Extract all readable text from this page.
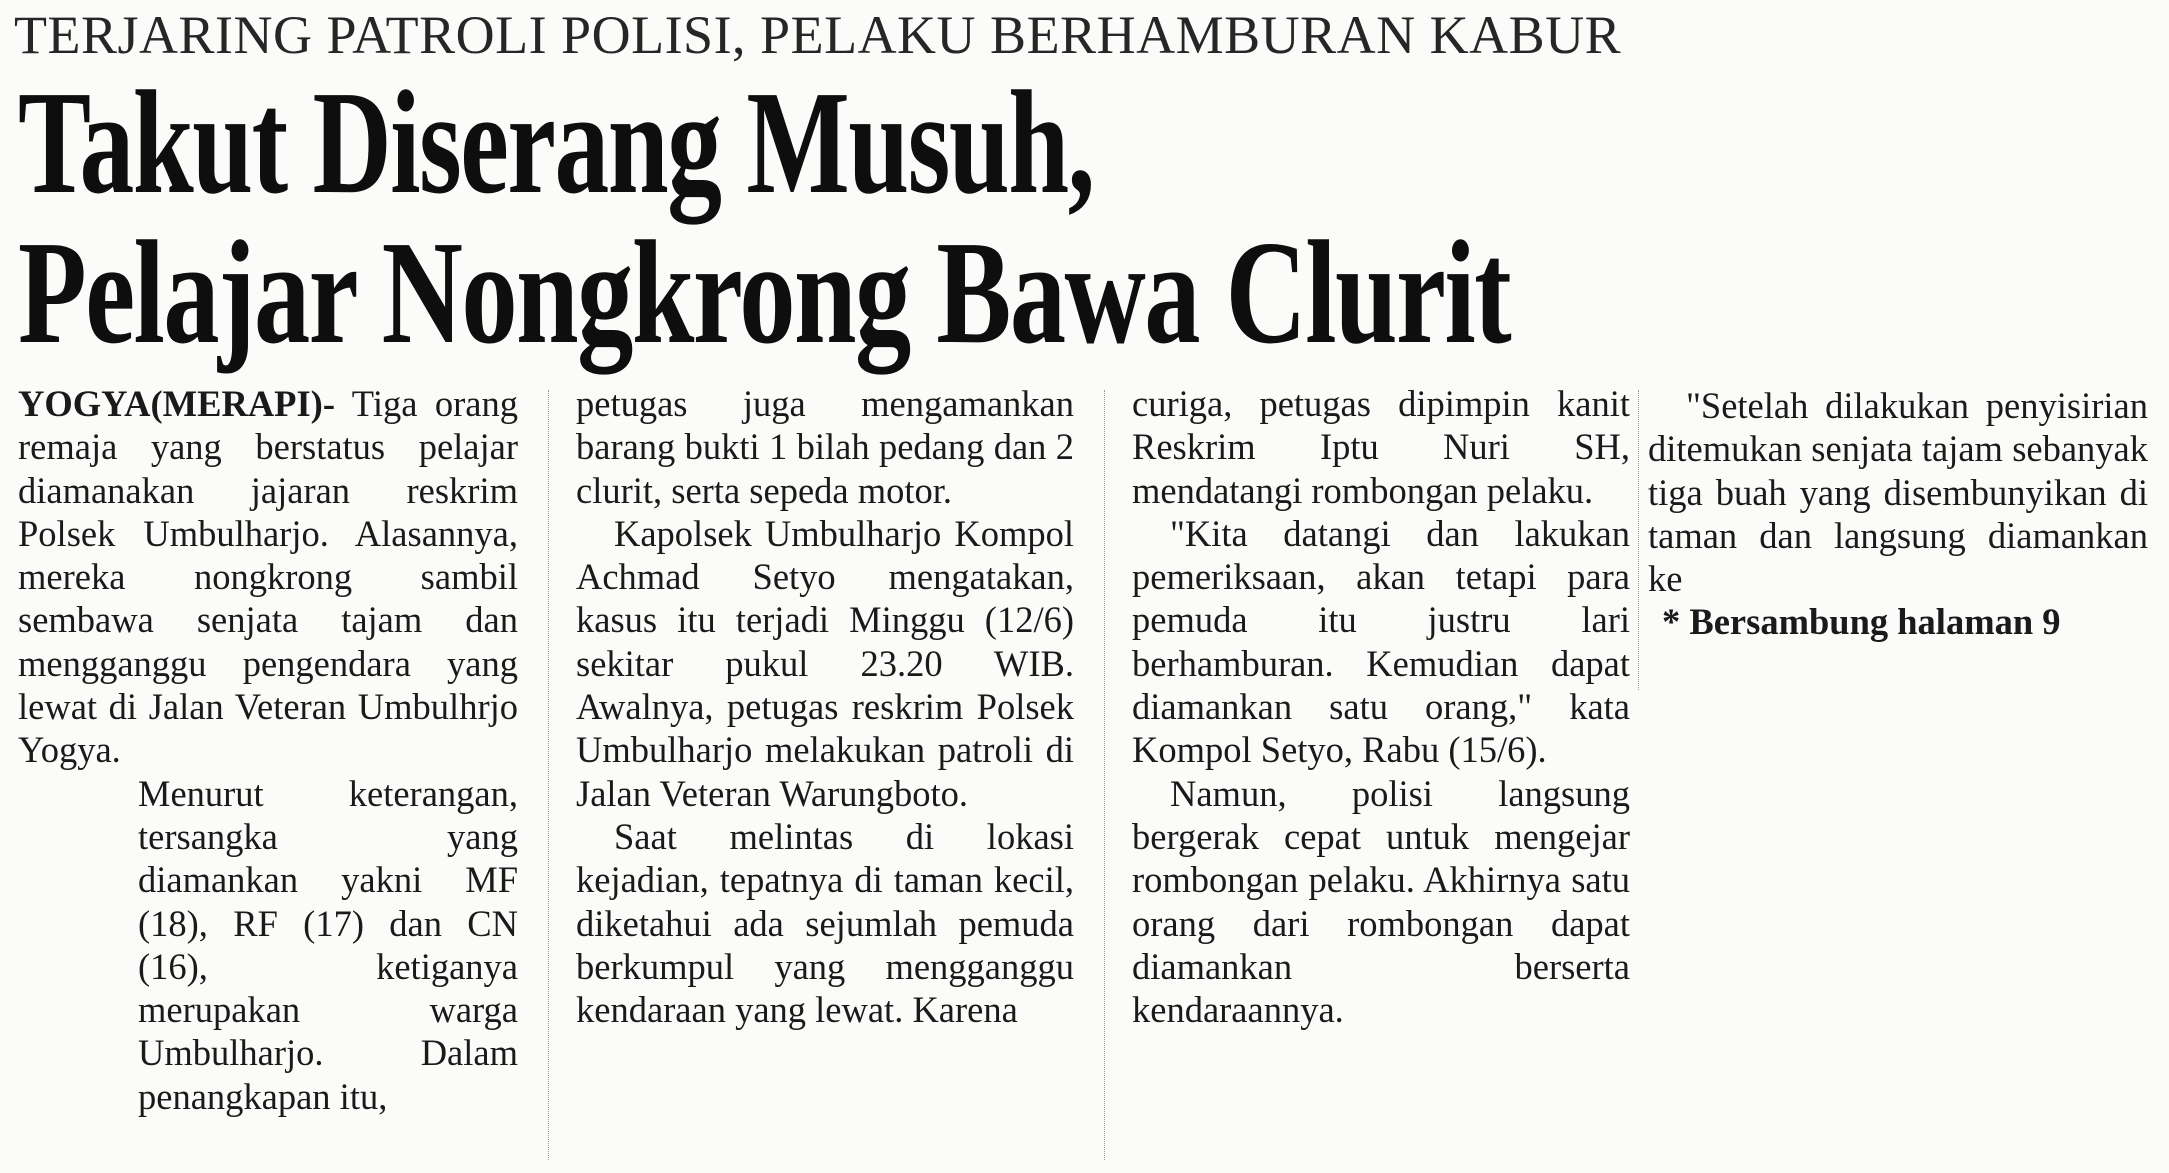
TERJARING PATROLI POLISI, PELAKU BERHAMBURAN KABUR
Takut Diserang Musuh,
Pelajar Nongkrong Bawa Clurit

YOGYA(MERAPI)- Tiga orang remaja yang berstatus pelajar diamanakan jajaran reskrim Polsek Umbulharjo. Alasannya, mereka nongkrong sambil sembawa senjata tajam dan mengganggu pengendara yang lewat di Jalan Veteran Umbulhrjo Yogya.

Menurut keterangan, tersangka yang diamankan yakni MF (18), RF (17) dan CN (16), ketiganya merupakan warga Umbulharjo. Dalam penangkapan itu,

petugas juga mengamankan barang bukti 1 bilah pedang dan 2 clurit, serta sepeda motor.

Kapolsek Umbulharjo Kompol Achmad Setyo mengatakan, kasus itu terjadi Minggu (12/6) sekitar pukul 23.20 WIB. Awalnya, petugas reskrim Polsek Umbulharjo melakukan patroli di Jalan Veteran Warungboto.

Saat melintas di lokasi kejadian, tepatnya di taman kecil, diketahui ada sejumlah pemuda berkumpul yang mengganggu kendaraan yang lewat. Karena

curiga, petugas dipimpin kanit Reskrim Iptu Nuri SH, mendatangi rombongan pelaku.

"Kita datangi dan lakukan pemeriksaan, akan tetapi para pemuda itu justru lari berhamburan. Kemudian dapat diamankan satu orang," kata Kompol Setyo, Rabu (15/6).

Namun, polisi langsung bergerak cepat untuk mengejar rombongan pelaku. Akhirnya satu orang dari rombongan dapat diamankan berserta kendaraannya.

"Setelah dilakukan penyisirian ditemukan senjata tajam sebanyak tiga buah yang disembunyikan di taman dan langsung diamankan ke

* Bersambung halaman 9
